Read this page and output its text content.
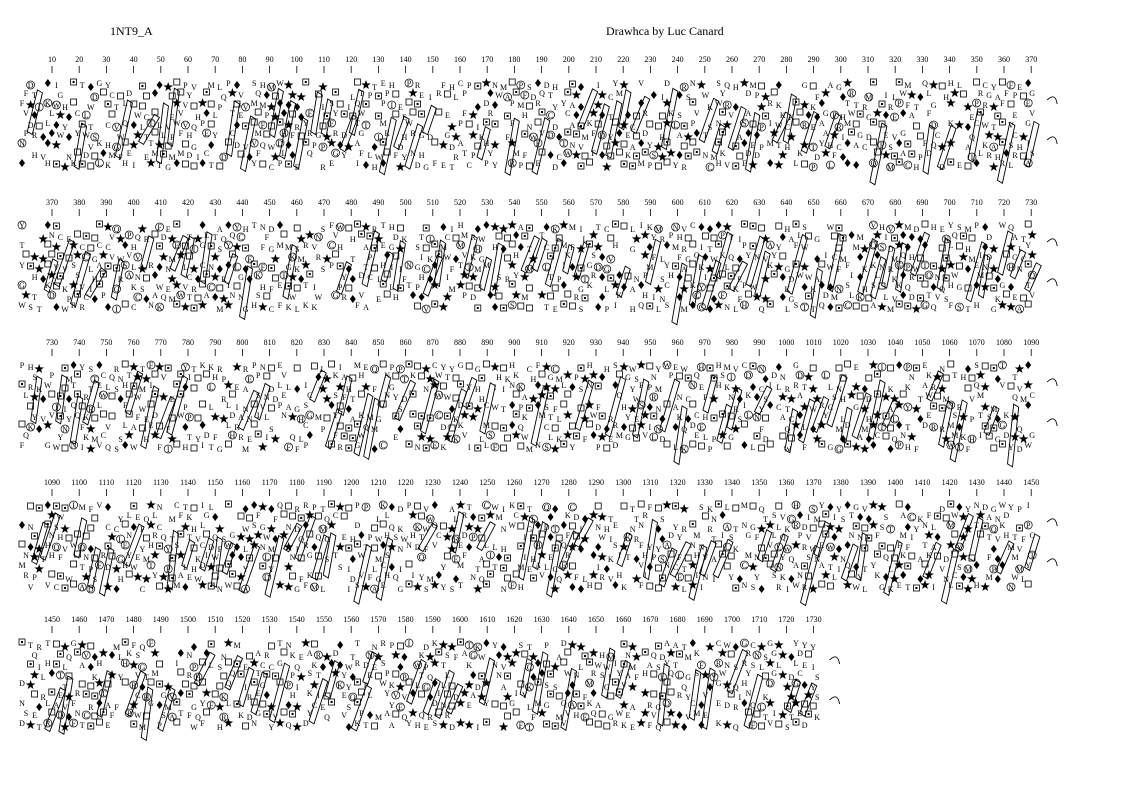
1NT9_A	Drawhca by Luc Canard
10 20 30 40 50 60 70 80 90 100 110 120 130 140 150 160 170 180 190 200 210 220 230 240 250 260 270 280 290 300 310 320 330 340 350 360 370
F
F
V
P
N
D
T
D
R
H
I
V
K
L
L
H
I
G
W
W
H
Y
N
C
Y
K
T
L
W
D
D
W
T
S
V
G
K
L
Y
C
C
H
M
K
T
V
W
G
F
D
L
Q
E
H
W
I
C
L
T
E
T
T
M
L
L
T
E
V
P
M
G
V
W
F
M
P
Y
V
V
H
D
V
H
Q
G
I
P
E
C
M
L
Y
T
L
Q
P
D
P
T
C
V
E
D
V
V
S
Q
M
M
V
F
Y
H
M
P
F
Q
M
W
C
W
H
D
L
P
F
R
E
F
Y
R
Q
G
P
I
P
R
S
Y
F
R
G
E
D
Y
L
I
T
Q
W
T
G
A
F
I
P
T
L
T
I
W
H
E
P
P
M
R
H
I
F
E
E
H
D
Y
P
W
R
N
R
E
G
H
D
I
D
G
R
F
F
E
G
E
H
L
D
R
T
C
P
F
P
A
T
P
P
C
I
K
D
R
H
Y
P
N
W
Y
M
A
F
P
F
M
R
P
F
M
H
F
P
S
D
N
W
Q
R
V
F
E
D
T
C
D
H
Y
D
C
D
Y
C
T
W
A
A
N
M
V
K
F
F
I
D
C
T
Y
Y
M
E
K
C
A
V
R
D
M
Y
S
P
I
H
D
K S
L
A
Y
R
S
R
N
V
P
W
T
N
K
S
M
C
S
Y
W
N
K
H
Q
R
V
V
H
A
D
A
S
D
E
M
P
E
D
P
P
R
I
M
K
K
W
T
K
C
H
K
L
G
R
F
K
E
T
D
P
G
A
A
Y
A
F
H
F
L
G
H
R
I
C
R
T
W
M
T
G
A
M
R
C
D
C
Q
I
E
P
L
R
E
V
S
M
W
P
G
A
M
F
A
C
T
P
H
Q
L
F
F
D
G
D
C
Q
H
D
H
K
L
E
E
Q
A
I
R
P
C
L
C
G
R
W
K
R
Y
A
T
A
H
F
F
R
F
P
E
V
C
S
R
L
E
H
G
E
V
G
I
S
A
370 380 390 400 410 420 430 440 450 460 470 480 490 500 510 520 530 540 550 560 570 580 590 600 610 620 630 640 650 660 670 680 690 700 710 720 730
Y
T
Y
G
W
H
T
S T
N
K
D
C
V
E
V
K
P
W
S
S
R
C
C
V
C
R
G
L
H
I
C
A
P
V
C
V
Q
W
R
G
I
P
V
S
A
Q
H
V
L
N
K
C
C
R
S
R
A
N
F
D
W
Q
K
E
M
N
E
M
E
W
T
L
C
V
T
I
R
L
G
C
A
T
N
C
A
Q
S
R
M
Q
Y
I
N
Y
C
L
G
N
H
F
G
T
K
S
H
N
F
F
F
H
D
G
F
C
M
T
E
F
M
K
G
W
K
S
M
K
L
R
T
K
N
V
R
I
W
K
S
S
F
V
C
P
G
W
H
Y
P
R
H
T
D
V
F
A
P
T
C
A
R
I
E
T
E
H
H
D
G
I
L
H
K
I
F
N
T
T
S
I
G
H
P
I
K
C
V
C
M
W
I
I
F
M
H
M
M
V
T
P
R
K
T
D
W
H
G
M M
H
S R
H
Y
S
A
M
T
M
T
C
L
T
T
K
P
E
M
K
I
M
F
R
I
L
T
G
S
S
G
R
K
T
D
C
V
G
L
P
H
K
I
L
G
N
A
H
I
P
H
Q
K
Y
F
M
I
M
R
L
S
N
L
P
Y
H
C
S
N
H
M
F
V
R
G
A
M
C
Q
K
C
I
K
I
Y
C
T
W
P
K
F
T
Q
L
N
I
E
K
F
L
P
Y
P
H
N
W
V
Q
A
Y
K
Y
H
A
G
D
K
G
L
L
F
W
S
S
W
W
T
G
A
K
T
I
D
Q
W
C
W
M
M
F
N
F
I
S
L
C
M
M
K
K
H
V
Q
K
L
S
A
H
I
S
N
L
V
D
M
R
K
V
M
Q
G
K
M
H
P
R
Q
D
D
W T
Q
T
G
H
N
V
Q
E
N
Q
S
Y
Q
L
W
H
F
S
G
S
M
H
M
T
P
I
E
M
H
D
D
N
K
G
W
G
Q
A
G
H
E
T
I
C
N
A
Y
Q
T
V
730 740 750 760 770 780 790 800 810 820 830 840 850 860 870 880 890 900 910 920 930 940 950 960 970 980 990 1000 1010 1020 1030 1040 1050 1060 1070 1080 1090
P
L
Q
F
H
S
R
Y
K
K
V
P
W
V
G
I
Y
W
M
I
Y
N
T
Q
Q
N
Y
R
K
F
K
I
S
T
T
R
M
C
E
W
L
C
V
Q
L
V
Q
R
N
S
S
S
T
H
F
L
W
F
A
W
T
M
W
E
H
F
I
D
E
V
F
E
F
I
W
Y
I
P
P
T
H
T
Y
K
D
I
K
H
L
L
F
T
R
P
R
G
L
D
L
H
E
I
A
R
R
R
E
A
N
N
E
M
P
P
S
I
N
N
V
L
I
D
D
S
E
V
L
E
P
N
L
A
Q
F
G
H
L
F
I
C
S
G
C
P
M
L
P
K
S
Y
F
I
A
F
R
H
T
A
M
H
K
W
G
E
M
Q
Q
F
G
M
N
N
C
P
G
Y
E
P
T
D
S
K
N
N
C
W
W
C
E
Y
T
W
D
K
Y
K
K
G
D
K
V
Y
I
G
H
H
L
C
M
S
L
H
I
W
F
K
I
T
H
K
N K
A
P
K
Q
W
C
H
M
F
M
N
G
S
T
C
L
S
C
M
F
L
K
L
P
Y
S
F
H
N
W
F
D
P
H
R
E
S
Q
R
M
D
G
H
Y
G
W
S
Y
W
E
F
S
V
N
P
R
I
L
Y
M
N
N
D
W
P
E
N
A
K
L
W
C
Q
K
Q
N
C
D
E
H
E
F
H
E
L P
P
H
S
H
M
I
K
N
G
V
R
S
C
D
K
I
L N
L
N
C
S
Y
F
D
D
I
N
L
C
A
R
T
C
Q
W
G
D
R
A
T
L
F
W
L
R
Y
L
S
C
G
N
H
L
M
G
D
E
G
A
D
H
M
C
I
T
K
A
L
Q N
P
P
N
K
Y
T
H
T
F
E
K
A
W
E
D
R
R
N
M
R
T
N
S
M
M
W
H
R
K
T
V
P
H
F
S
Q
M
T
I
S
M
G
T
V
K
G
D
T
Q
Y
V
M
Q
D
C
G
W
1090 1100 1110 1120 1130 1140 1150 1160 1170 1180 1190 1200 1210 1220 1230 1240 1250 1260 1270 1280 1290 1300 1310 1320 1330 1340 1350 1360 1370 1380 1390 1400 1410 1420 1430 1440 1450
N
M
R
N
P
V
T
N
H
H
V
W
S
H
Q
F
C
V
W
I
W
M
Q
N
T
A
F
P
S
D
V
R
F
C
D
Y
C
L
G
H
L
N
E
Y
H
E
E
W
Q
F
Y
M
C
L
R
H
T
Y
N
C
Q
M
T
Y
P
C
F
S
A
M
T
K
T
L
E
H
V
K
H
W
I
G
L
C
I
D
L
Q
D
W
S
F
N
G
W
W
W
L
Y
A
F
S G
W
N
L
D
F
M
Y
Q
N
N
R
D
Q
I
F
G
R
R
G
K
F
P
Q
M
T
Q
M
C
S
L
C
T
E
S
H
I
D
I
P
D
W
V
S
P
P
T
F
L
W
M
L
G
A
K
L
H
S
C
H
E
Q
S
Q
D
K
W
N
I
G
P
H
N
I
K
T
D
Q
Y
V
W
W
F
M
S
Q
C
V
Y
Y
A
L
R
E
S
R
D
E
F
M
T
T
P
N
A
T
Q
C
L
I
W
M
L
T
I
N
H
N
K
C
W
F
I
I
M
H
T
L
G
H
E
H
A
V
Q
D
E
L
T
C
Q
K
F
Q
R
E
C
D
F
I
L
H
N
W
I
R
T
H
I
K
V
E
S
I
H
K
T
K
T
T
N
R
R
N
F
H
V
I
F
F
Y
P
S
Y
S
D
A
N
Y
Y
F
C
E
R
T
L
M
N
H
I
S
N
V
N
I
K
N
R
T
A
I
I
L
A
S
L
Y
T
K
M
N
G
M
C
N
G
F
N
Y
S
Q
T S
L
V
S
V
L
Q
L
Y
N
K
R
G
K
W
Q
I
H
R
P
A
N
W
I
D
V
R
S
R
S
M
W
N
Y
E
A
I
W
T
L
Y
S
N
I
T
N
Q
G
N
Y
W
V
T
L
F
Y
K
S
S
Q
G
T
L
K
A
M
F
K
E
C
I
F
T
K
Y
A
F
N
T
K
L
A
I
D
D
V
N
W
M
C
L
Y
S
Y
M
N
T
H
D
A
T
F
M
G
N
Q
V
P
W
D
K
H
Y
T
M
M
W
N
P
F
V
M
L
I
P
C
T
Y
1450 1460 1470 1480 1490 1500 1510 1520 1530 1540 1550 1560 1570 1580 1590 1600 1610 1620 1630 1640 1650 1660 1670 1680 1690 1700 1710 1720 1730
D
N
S
D
T
Q
E
R
I
L
R
T
T
H
L
R
T
E
A
D
Q
L
T
V
G
R
F
N
F
V
A
C
T
K
R
H
T
A
F
E
M
L
Y
F
K
H
P
F
S
V
R
C
W
Q
G
T
H
M
F
M
G
G
S
P
V
M
A
I
T
N
R
F
P
H
G
Q
W
Y
F
L
F
N
S
K
R
H
Q
Q
L
M
K
E
I
R
D
A
T
E
G
N
R
C
G
C
Y
Y
T
G
N
K
P
P
H
Q
E
Q
I
A
S
K
Y
D
R
K
T
I
C E
Q
D
Y
K
E
V
T
W
Y
Q
S
T
R
P
K
N
D
R
P
L
T
N
E
M
R
S
P
W
Y
A
P
K
V
Y
A
P
V
E
Q
I
Y
K
W
T
L
Q
H
D
P
Q
G
R
E
K
I
D
S
S
T
L
L
N
R
F
D
D
A
T
G
K
A
E
K
W
D
I
Y
Y
N
N
V
A
I
G
S
Y
F
T
C
K
L
F
T
M
P
S
G
A
S
M
D
W
Q
V
V
N
A
H
L
F
E
R
M
K
Q
H
W
S
A
M
W
L
G
G
I
Y
W
R
N
A
V
E
K
M
F
A
E
H
Q
A
R
V
F
D
S
L
G
Q
A
Y
Q
D
A
T
L
R
T
M
G
Q
Y
V
K
S
C
M
F
V
E
Y
C
R
W
G
E
K
W
N
D
S
Q
I
R
Q
G
R
R
Y
H
N
C
N
S
Q
F
S
L
K
L
T
G
G
G
D
I
V
L
D
T
S
Y
D
L
C
G
D
Y
E
D
Y
I
S
Y
S
K
